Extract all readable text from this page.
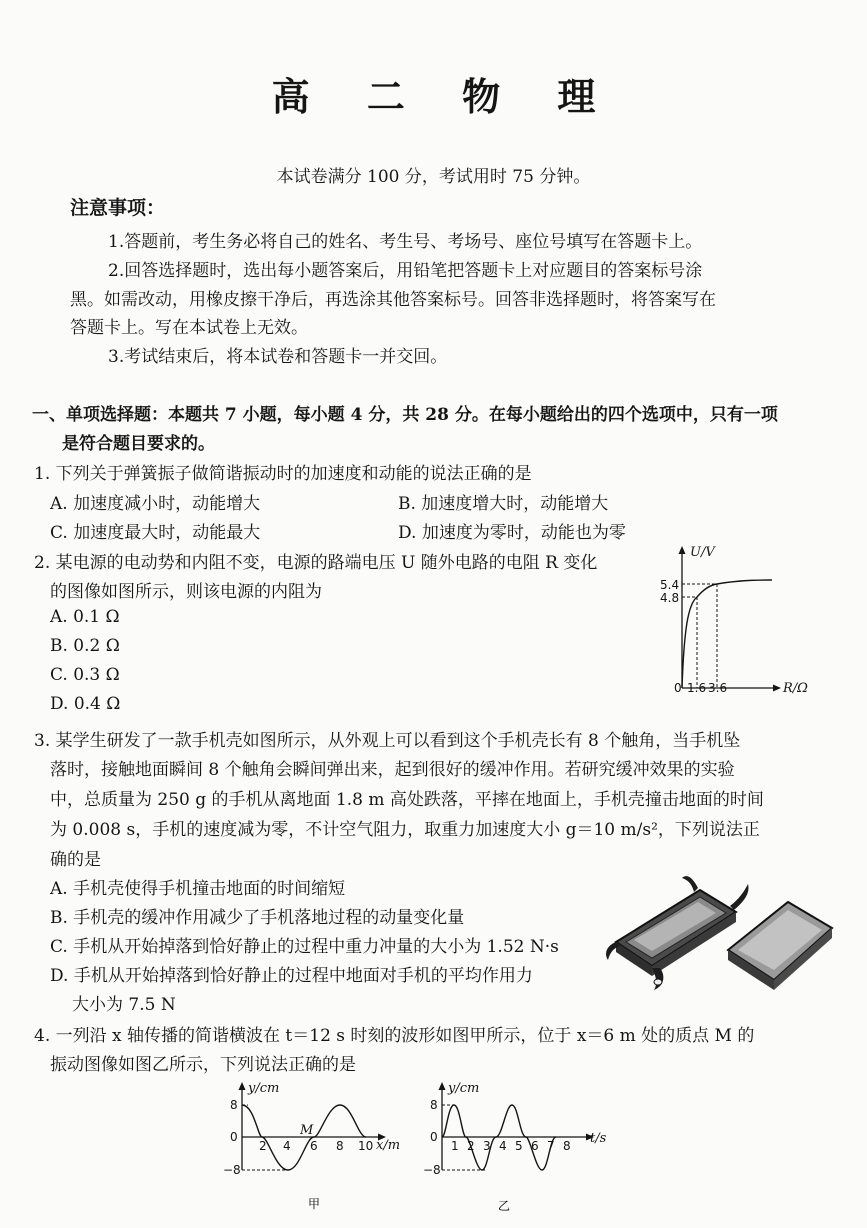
高 二 物 理
本试卷满分 100 分，考试用时 75 分钟。
注意事项：
1.答题前，考生务必将自己的姓名、考生号、考场号、座位号填写在答题卡上。
2.回答选择题时，选出每小题答案后，用铅笔把答题卡上对应题目的答案标号涂
黑。如需改动，用橡皮擦干净后，再选涂其他答案标号。回答非选择题时，将答案写在
答题卡上。写在本试卷上无效。
3.考试结束后，将本试卷和答题卡一并交回。
一、单项选择题：本题共 7 小题，每小题 4 分，共 28 分。在每小题给出的四个选项中，只有一项
是符合题目要求的。
1. 下列关于弹簧振子做简谐振动时的加速度和动能的说法正确的是
A. 加速度减小时，动能增大	B. 加速度增大时，动能增大
C. 加速度最大时，动能最大	D. 加速度为零时，动能也为零
2. 某电源的电动势和内阻不变，电源的路端电压 U 随外电路的电阻 R 变化
的图像如图所示，则该电源的内阻为
A. 0.1 Ω
B. 0.2 Ω
C. 0.3 Ω
D. 0.4 Ω
U/V
R/Ω
5.4
4.8
0 1.6 3.6
3. 某学生研发了一款手机壳如图所示，从外观上可以看到这个手机壳长有 8 个触角，当手机坠
落时，接触地面瞬间 8 个触角会瞬间弹出来，起到很好的缓冲作用。若研究缓冲效果的实验
中，总质量为 250 g 的手机从离地面 1.8 m 高处跌落，平摔在地面上，手机壳撞击地面的时间
为 0.008 s，手机的速度减为零，不计空气阻力，取重力加速度大小 g＝10 m/s²，下列说法正
确的是
A. 手机壳使得手机撞击地面的时间缩短
B. 手机壳的缓冲作用减少了手机落地过程的动量变化量
C. 手机从开始掉落到恰好静止的过程中重力冲量的大小为 1.52 N·s
D. 手机从开始掉落到恰好静止的过程中地面对手机的平均作用力
大小为 7.5 N
4. 一列沿 x 轴传播的简谐横波在 t＝12 s 时刻的波形如图甲所示，位于 x＝6 m 处的质点 M 的
振动图像如图乙所示，下列说法正确的是
y/cm
x/m
8
0
−8
2 4 6 8 10
M
甲
y/cm
t/s
8
0
−8
1 2 3 4 5 6 7 8
乙
